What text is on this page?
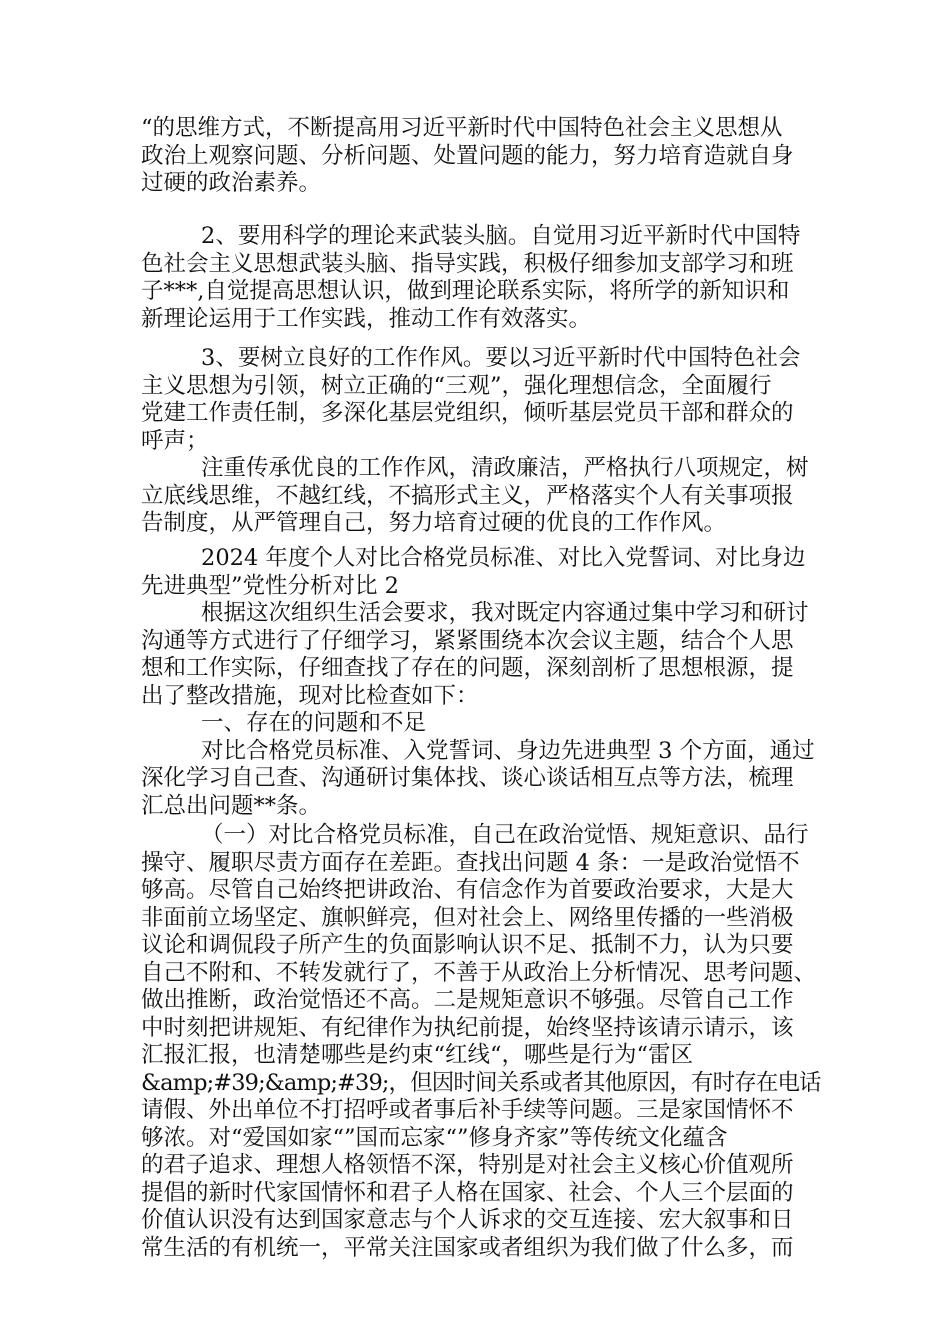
“的思维方式，不断提高用习近平新时代中国特色社会主义思想从
政治上观察问题、分析问题、处置问题的能力，努力培育造就自身
过硬的政治素养。
2、要用科学的理论来武装头脑。自觉用习近平新时代中国特
色社会主义思想武装头脑、指导实践，积极仔细参加支部学习和班
子***,自觉提高思想认识，做到理论联系实际，将所学的新知识和
新理论运用于工作实践，推动工作有效落实。
3、要树立良好的工作作风。要以习近平新时代中国特色社会
主义思想为引领，树立正确的“三观”，强化理想信念，全面履行
党建工作责任制，多深化基层党组织，倾听基层党员干部和群众的
呼声；
注重传承优良的工作作风，清政廉洁，严格执行八项规定，树
立底线思维，不越红线，不搞形式主义，严格落实个人有关事项报
告制度，从严管理自己，努力培育过硬的优良的工作作风。
2024 年度个人对比合格党员标准、对比入党誓词、对比身边
先进典型”党性分析对比 2
根据这次组织生活会要求，我对既定内容通过集中学习和研讨
沟通等方式进行了仔细学习，紧紧围绕本次会议主题，结合个人思
想和工作实际，仔细查找了存在的问题，深刻剖析了思想根源，提
出了整改措施，现对比检查如下：
一、存在的问题和不足
对比合格党员标准、入党誓词、身边先进典型 3 个方面，通过
深化学习自己查、沟通研讨集体找、谈心谈话相互点等方法，梳理
汇总出问题**条。
（一）对比合格党员标准，自己在政治觉悟、规矩意识、品行
操守、履职尽责方面存在差距。查找出问题 4 条：一是政治觉悟不
够高。尽管自己始终把讲政治、有信念作为首要政治要求，大是大
非面前立场坚定、旗帜鲜亮，但对社会上、网络里传播的一些消极
议论和调侃段子所产生的负面影响认识不足、抵制不力，认为只要
自己不附和、不转发就行了，不善于从政治上分析情况、思考问题、
做出推断，政治觉悟还不高。二是规矩意识不够强。尽管自己工作
中时刻把讲规矩、有纪律作为执纪前提，始终坚持该请示请示，该
汇报汇报，也清楚哪些是约束“红线“，哪些是行为“雷区
&amp;#39;&amp;#39;，但因时间关系或者其他原因，有时存在电话
请假、外出单位不打招呼或者事后补手续等问题。三是家国情怀不
够浓。对“爱国如家“”国而忘家“”修身齐家”等传统文化蕴含
的君子追求、理想人格领悟不深，特别是对社会主义核心价值观所
提倡的新时代家国情怀和君子人格在国家、社会、个人三个层面的
价值认识没有达到国家意志与个人诉求的交互连接、宏大叙事和日
常生活的有机统一，平常关注国家或者组织为我们做了什么多，而
